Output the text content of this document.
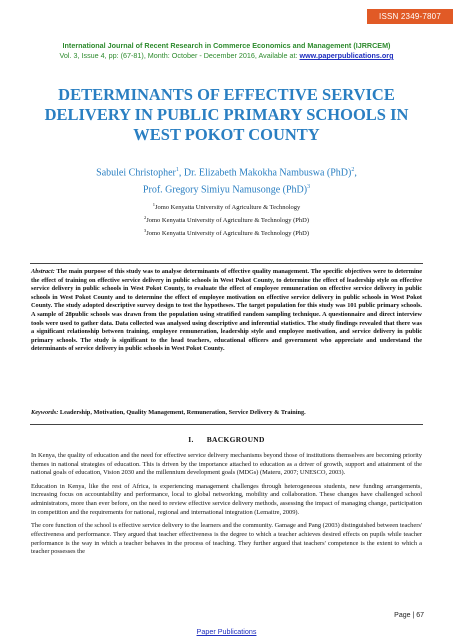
ISSN 2349-7807
International Journal of Recent Research in Commerce Economics and Management (IJRRCEM)
Vol. 3, Issue 4, pp: (67-81), Month: October - December 2016, Available at: www.paperpublications.org
DETERMINANTS OF EFFECTIVE SERVICE DELIVERY IN PUBLIC PRIMARY SCHOOLS IN WEST POKOT COUNTY
Sabulei Christopher$^1$, Dr. Elizabeth Makokha Nambuswa (PhD)$^2$,
Prof. Gregory Simiyu Namusonge (PhD)$^3$
$^1$Jomo Kenyatta University of Agriculture & Technology
$^2$Jomo Kenyatta University of Agriculture & Technology (PhD)
$^3$Jomo Kenyatta University of Agriculture & Technology (PhD)
Abstract: The main purpose of this study was to analyse determinants of effective quality management. The specific objectives were to determine the effect of training on effective service delivery in public schools in West Pokot County, to determine the effect of leadership style on effective service delivery in public schools in West Pokot County, to evaluate the effect of employee remuneration on effective service delivery in public schools in West Pokot County and to determine the effect of employee motivation on effective service delivery in public schools in West Pokot County. The study adopted descriptive survey design to test the hypotheses. The target population for this study was 101 public primary schools. A sample of 28public schools was drawn from the population using stratified random sampling technique. A questionnaire and direct interview tools were used to gather data. Data collected was analysed using descriptive and inferential statistics. The study findings revealed that there was a significant relationship between training, employee remuneration, leadership style and employee motivation, and service delivery in public primary schools. The study is significant to the head teachers, educational officers and government who appreciate and understand the determinants of service delivery in public schools in West Pokot County.
Keywords: Leadership, Motivation, Quality Management, Remuneration, Service Delivery & Training.
I. BACKGROUND

In Kenya, the quality of education and the need for effective service delivery mechanisms beyond those of institutions themselves are becoming priority themes in national strategies of education. This is driven by the importance attached to education as a driver of growth, support and attainment of the national goals of education, Vision 2030 and the millennium development goals (MDGs) (Materu, 2007; UNESCO, 2003).

Education in Kenya, like the rest of Africa, is experiencing management challenges through heterogeneous students, new funding arrangements, increasing focus on accountability and performance, local to global networking, mobility and collaboration. These changes have challenged school administrators, more than ever before, on the need to review effective service delivery methods, assessing the impact of managing change, participation in competition and the requirements for national, regional and international integration (Lemaitre, 2009).

The core function of the school is effective service delivery to the learners and the community. Gamage and Pang (2003) distinguished between teachers' effectiveness and performance. They argued that teacher effectiveness is the degree to which a teacher achieves desired effects on pupils while teacher performance is the way in which a teacher behaves in the process of teaching. They further argued that teachers' competence is the extent to which a teacher possesses the

Page | 67
Paper Publications
